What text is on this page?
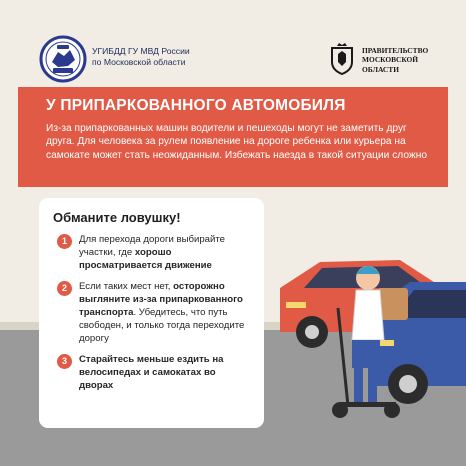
УГИБДД ГУ МВД России
по Московской области
ПРАВИТЕЛЬСТВО
МОСКОВСКОЙ
ОБЛАСТИ
У ПРИПАРКОВАННОГО АВТОМОБИЛЯ
Из-за припаркованных машин водители и пешеходы могут не заметить друг друга. Для человека за рулем появление на дороге ребенка или курьера на самокате может стать неожиданным. Избежать наезда в такой ситуации сложно
Обманите ловушку!
1	Для перехода дороги выбирайте участки, где хорошо просматривается движение
2	Если таких мест нет, осторожно выгляните из-за припаркованного транспорта. Убедитесь, что путь свободен, и только тогда переходите дорогу
3	Старайтесь меньше ездить на велосипедах и самокатах во дворах
